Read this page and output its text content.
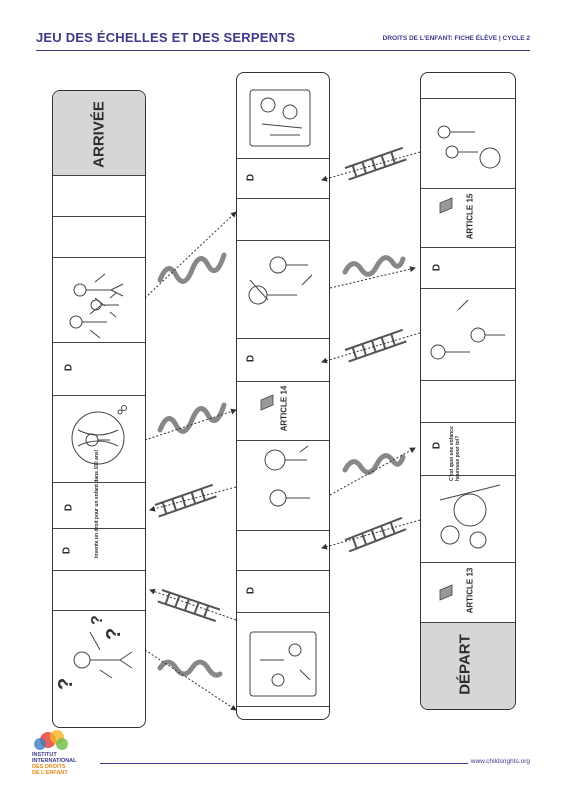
JEU DES ÉCHELLES ET DES SERPENTS	DROITS DE L’ENFANT: FICHE ÉLÈVE | CYCLE 2
ARRIVÉE
D
D	Invente un droit pour un enfant dans 100 ans!
D
D
D
ARTICLE 14
D
ARTICLE 15
D
D C’est quoi une enfance heureuse pour toi?
ARTICLE 13
DÉPART
?
?
?
INSTITUT
INTERNATIONAL
DES DROITS
DE L’ENFANT
www.childsrights.org
